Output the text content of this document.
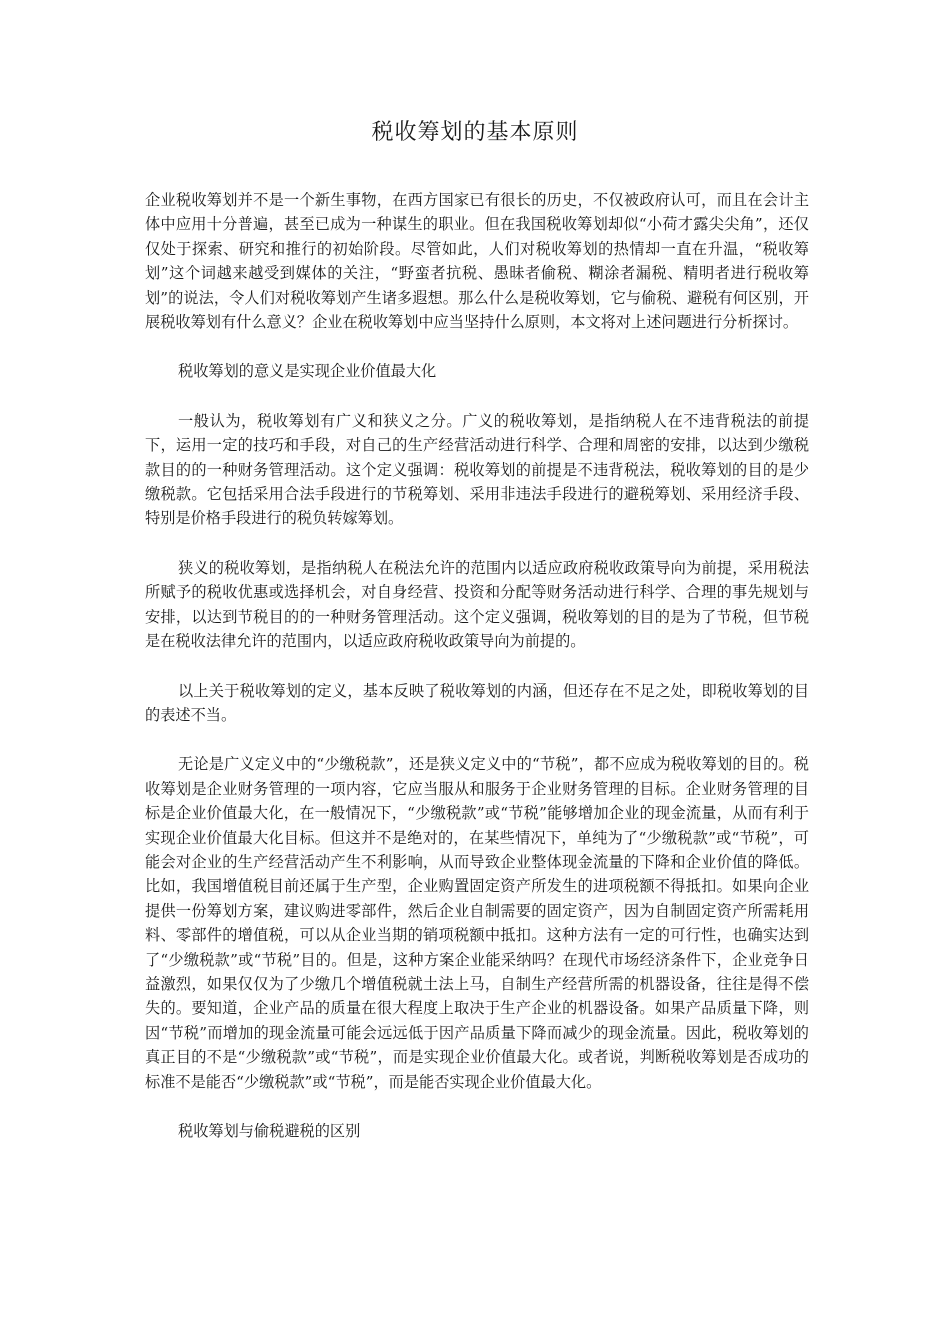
税收筹划的基本原则

企业税收筹划并不是一个新生事物，在西方国家已有很长的历史，不仅被政府认可，而且在会计主体中应用十分普遍，甚至已成为一种谋生的职业。但在我国税收筹划却似“小荷才露尖尖角”，还仅仅处于探索、研究和推行的初始阶段。尽管如此，人们对税收筹划的热情却一直在升温，“税收筹划”这个词越来越受到媒体的关注，“野蛮者抗税、愚昧者偷税、糊涂者漏税、精明者进行税收筹划”的说法，令人们对税收筹划产生诸多遐想。那么什么是税收筹划，它与偷税、避税有何区别，开展税收筹划有什么意义？企业在税收筹划中应当坚持什么原则，本文将对上述问题进行分析探讨。

税收筹划的意义是实现企业价值最大化

一般认为，税收筹划有广义和狭义之分。广义的税收筹划，是指纳税人在不违背税法的前提下，运用一定的技巧和手段，对自己的生产经营活动进行科学、合理和周密的安排，以达到少缴税款目的的一种财务管理活动。这个定义强调：税收筹划的前提是不违背税法，税收筹划的目的是少缴税款。它包括采用合法手段进行的节税筹划、采用非违法手段进行的避税筹划、采用经济手段、特别是价格手段进行的税负转嫁筹划。

狭义的税收筹划，是指纳税人在税法允许的范围内以适应政府税收政策导向为前提，采用税法所赋予的税收优惠或选择机会，对自身经营、投资和分配等财务活动进行科学、合理的事先规划与安排，以达到节税目的的一种财务管理活动。这个定义强调，税收筹划的目的是为了节税，但节税是在税收法律允许的范围内，以适应政府税收政策导向为前提的。

以上关于税收筹划的定义，基本反映了税收筹划的内涵，但还存在不足之处，即税收筹划的目的表述不当。

无论是广义定义中的“少缴税款”，还是狭义定义中的“节税”，都不应成为税收筹划的目的。税收筹划是企业财务管理的一项内容，它应当服从和服务于企业财务管理的目标。企业财务管理的目标是企业价值最大化，在一般情况下，“少缴税款”或“节税”能够增加企业的现金流量，从而有利于实现企业价值最大化目标。但这并不是绝对的，在某些情况下，单纯为了“少缴税款”或“节税”，可能会对企业的生产经营活动产生不利影响，从而导致企业整体现金流量的下降和企业价值的降低。比如，我国增值税目前还属于生产型，企业购置固定资产所发生的进项税额不得抵扣。如果向企业提供一份筹划方案，建议购进零部件，然后企业自制需要的固定资产，因为自制固定资产所需耗用料、零部件的增值税，可以从企业当期的销项税额中抵扣。这种方法有一定的可行性，也确实达到了“少缴税款”或“节税”目的。但是，这种方案企业能采纳吗？在现代市场经济条件下，企业竞争日益激烈，如果仅仅为了少缴几个增值税就土法上马，自制生产经营所需的机器设备，往往是得不偿失的。要知道，企业产品的质量在很大程度上取决于生产企业的机器设备。如果产品质量下降，则因“节税”而增加的现金流量可能会远远低于因产品质量下降而减少的现金流量。因此，税收筹划的真正目的不是“少缴税款”或“节税”，而是实现企业价值最大化。或者说，判断税收筹划是否成功的标准不是能否“少缴税款”或“节税”，而是能否实现企业价值最大化。

税收筹划与偷税避税的区别
